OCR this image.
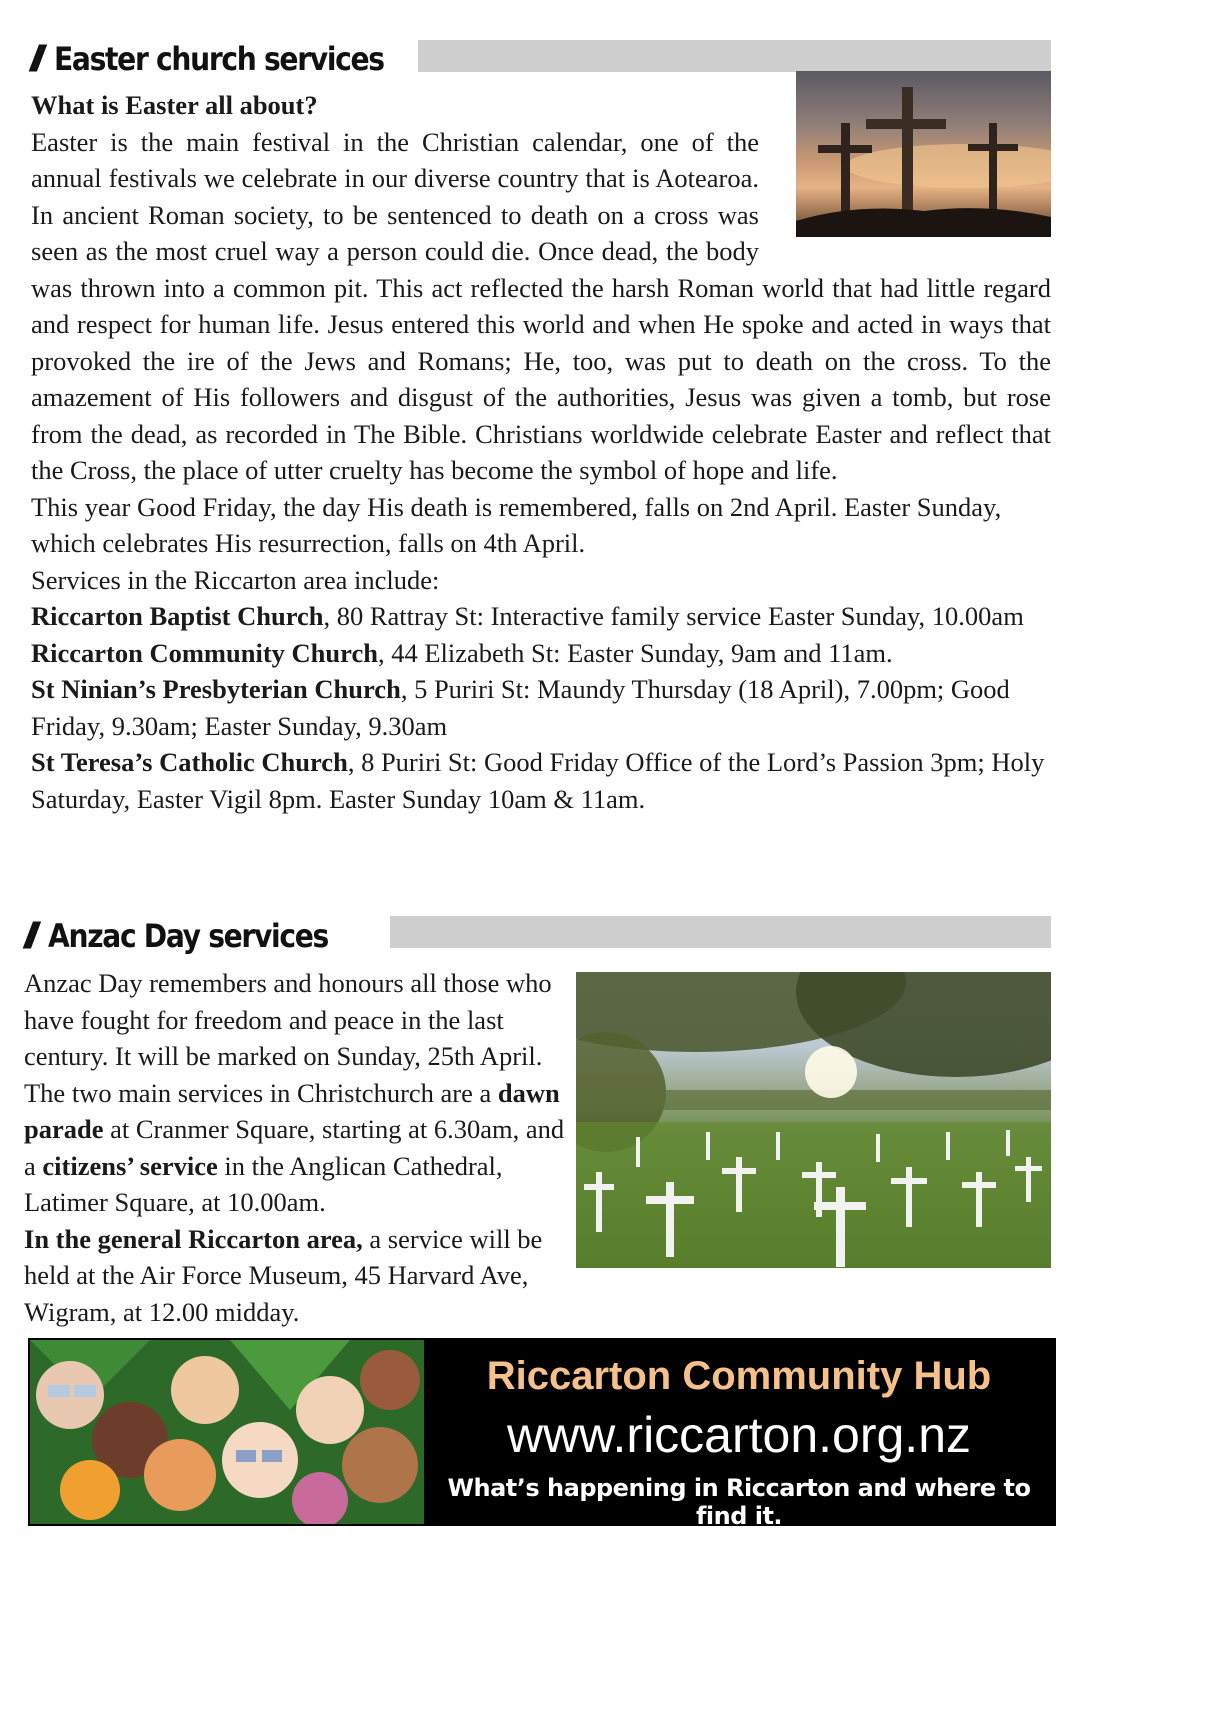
// Easter church services

What is Easter all about?

Easter is the main festival in the Christian calendar, one of the annual festivals we celebrate in our diverse country that is Aotearoa. In ancient Roman society, to be sentenced to death on a cross was seen as the most cruel way a person could die. Once dead, the body was thrown into a common pit. This act reflected the harsh Roman world that had little regard and respect for human life. Jesus entered this world and when He spoke and acted in ways that provoked the ire of the Jews and Romans; He, too, was put to death on the cross. To the amazement of His followers and disgust of the authorities, Jesus was given a tomb, but rose from the dead, as recorded in The Bible. Christians worldwide celebrate Easter and reflect that the Cross, the place of utter cruelty has become the symbol of hope and life.

This year Good Friday, the day His death is remembered, falls on 2nd April. Easter Sunday, which celebrates His resurrection, falls on 4th April.

Services in the Riccarton area include:

Riccarton Baptist Church, 80 Rattray St: Interactive family service Easter Sunday, 10.00am

Riccarton Community Church, 44 Elizabeth St: Easter Sunday, 9am and 11am.

St Ninian’s Presbyterian Church, 5 Puriri St: Maundy Thursday (18 April), 7.00pm; Good Friday, 9.30am; Easter Sunday, 9.30am

St Teresa’s Catholic Church, 8 Puriri St: Good Friday Office of the Lord’s Passion 3pm; Holy Saturday, Easter Vigil 8pm. Easter Sunday 10am & 11am.

// Anzac Day services

Anzac Day remembers and honours all those who have fought for freedom and peace in the last century. It will be marked on Sunday, 25th April. The two main services in Christchurch are a dawn parade at Cranmer Square, starting at 6.30am, and a citizens’ service in the Anglican Cathedral, Latimer Square, at 10.00am.

In the general Riccarton area, a service will be held at the Air Force Museum, 45 Harvard Ave, Wigram, at 12.00 midday.

Riccarton Community Hub
www.riccarton.org.nz
What’s happening in Riccarton and where to find it.
